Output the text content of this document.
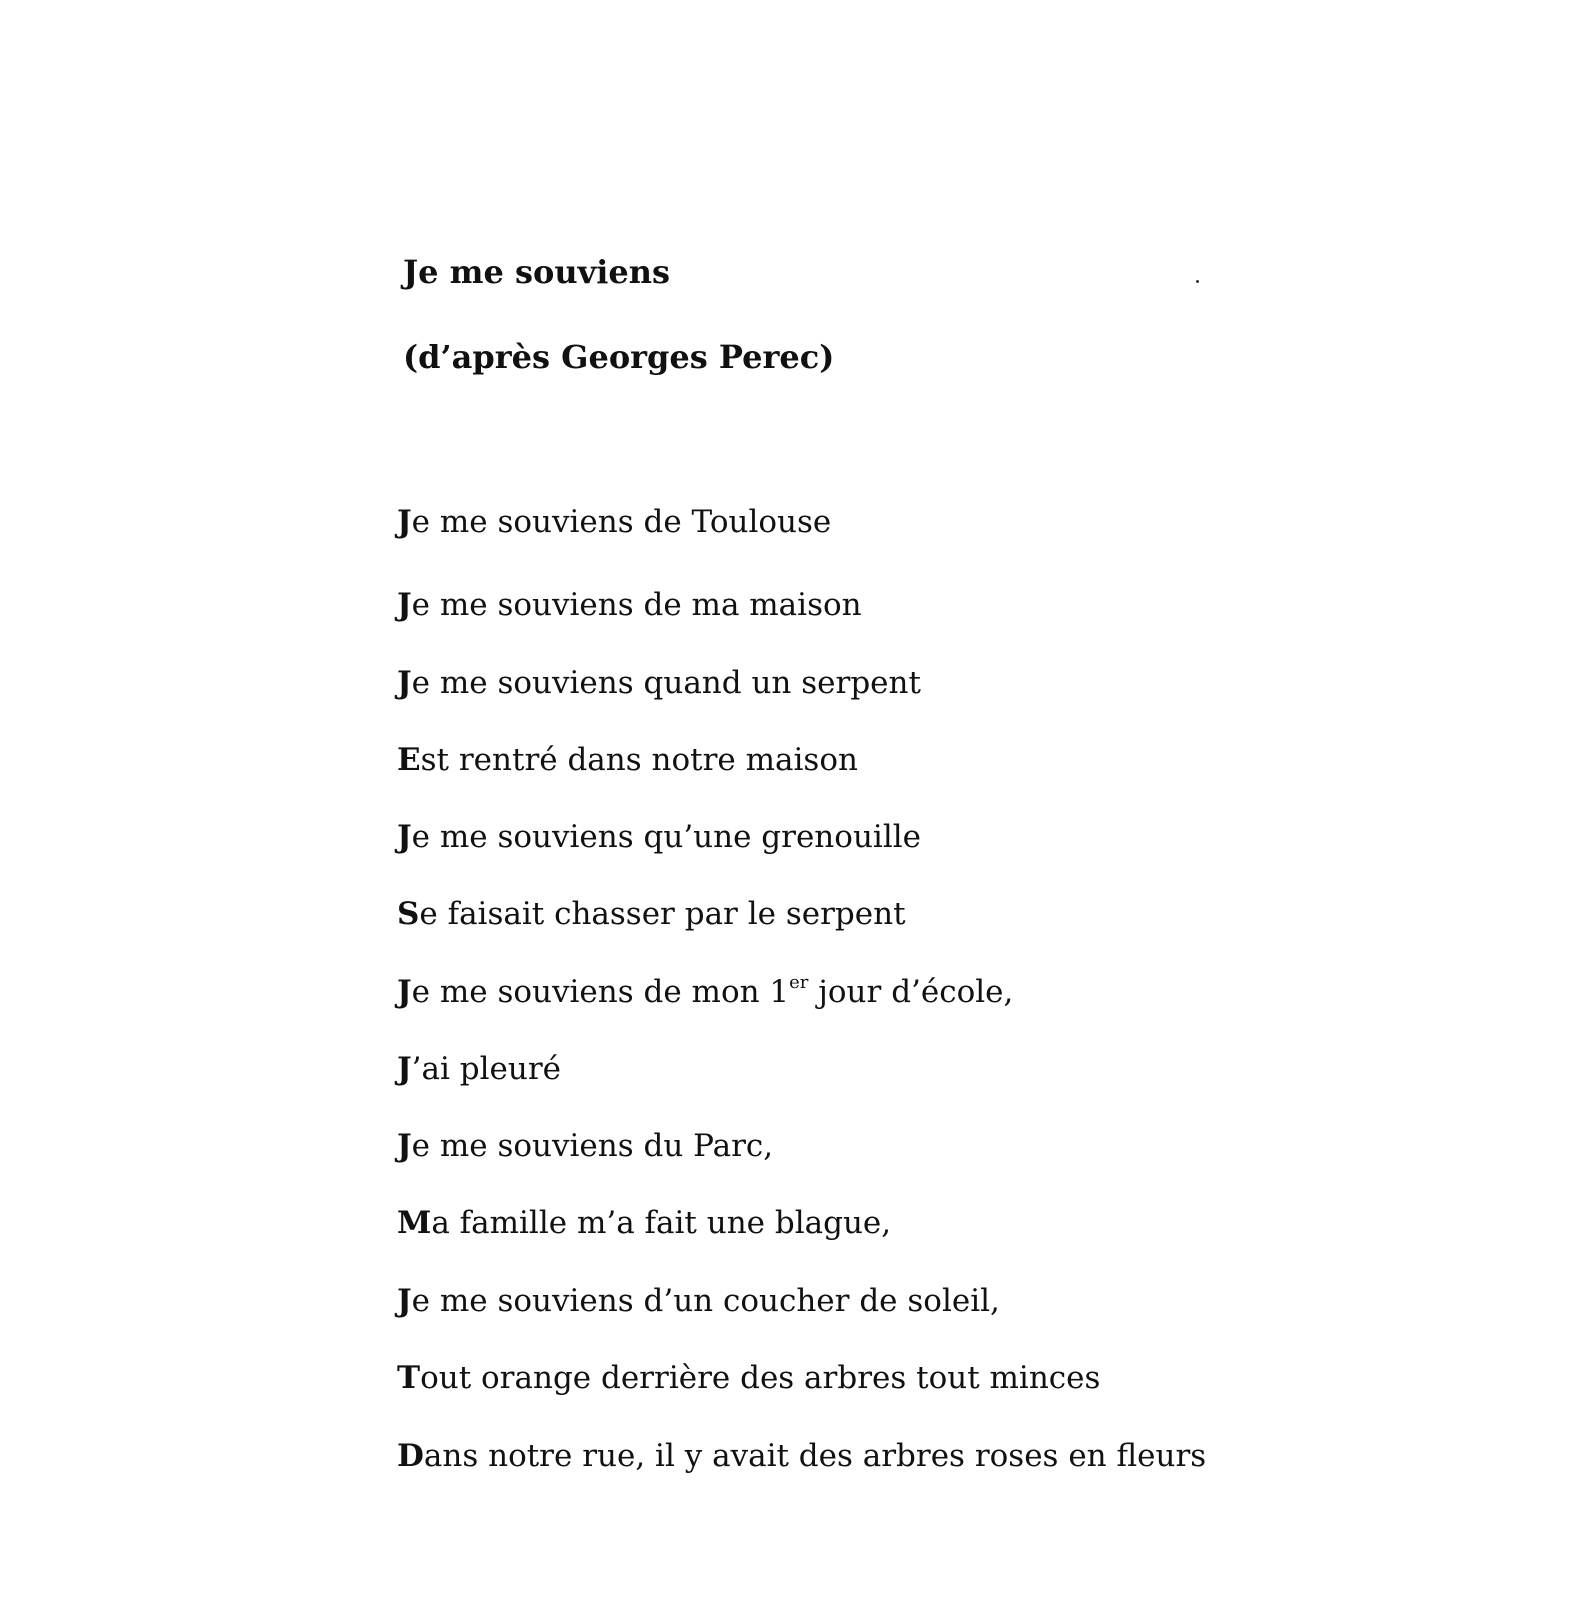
Je me souviens
(d’après Georges Perec)
Je me souviens de Toulouse
Je me souviens de ma maison
Je me souviens quand un serpent
Est rentré dans notre maison
Je me souviens qu’une grenouille
Se faisait chasser par le serpent
Je me souviens de mon 1er jour d’école,
J’ai pleuré
Je me souviens du Parc,
Ma famille m’a fait une blague,
Je me souviens d’un coucher de soleil,
Tout orange derrière des arbres tout minces
Dans notre rue, il y avait des arbres roses en fleurs
